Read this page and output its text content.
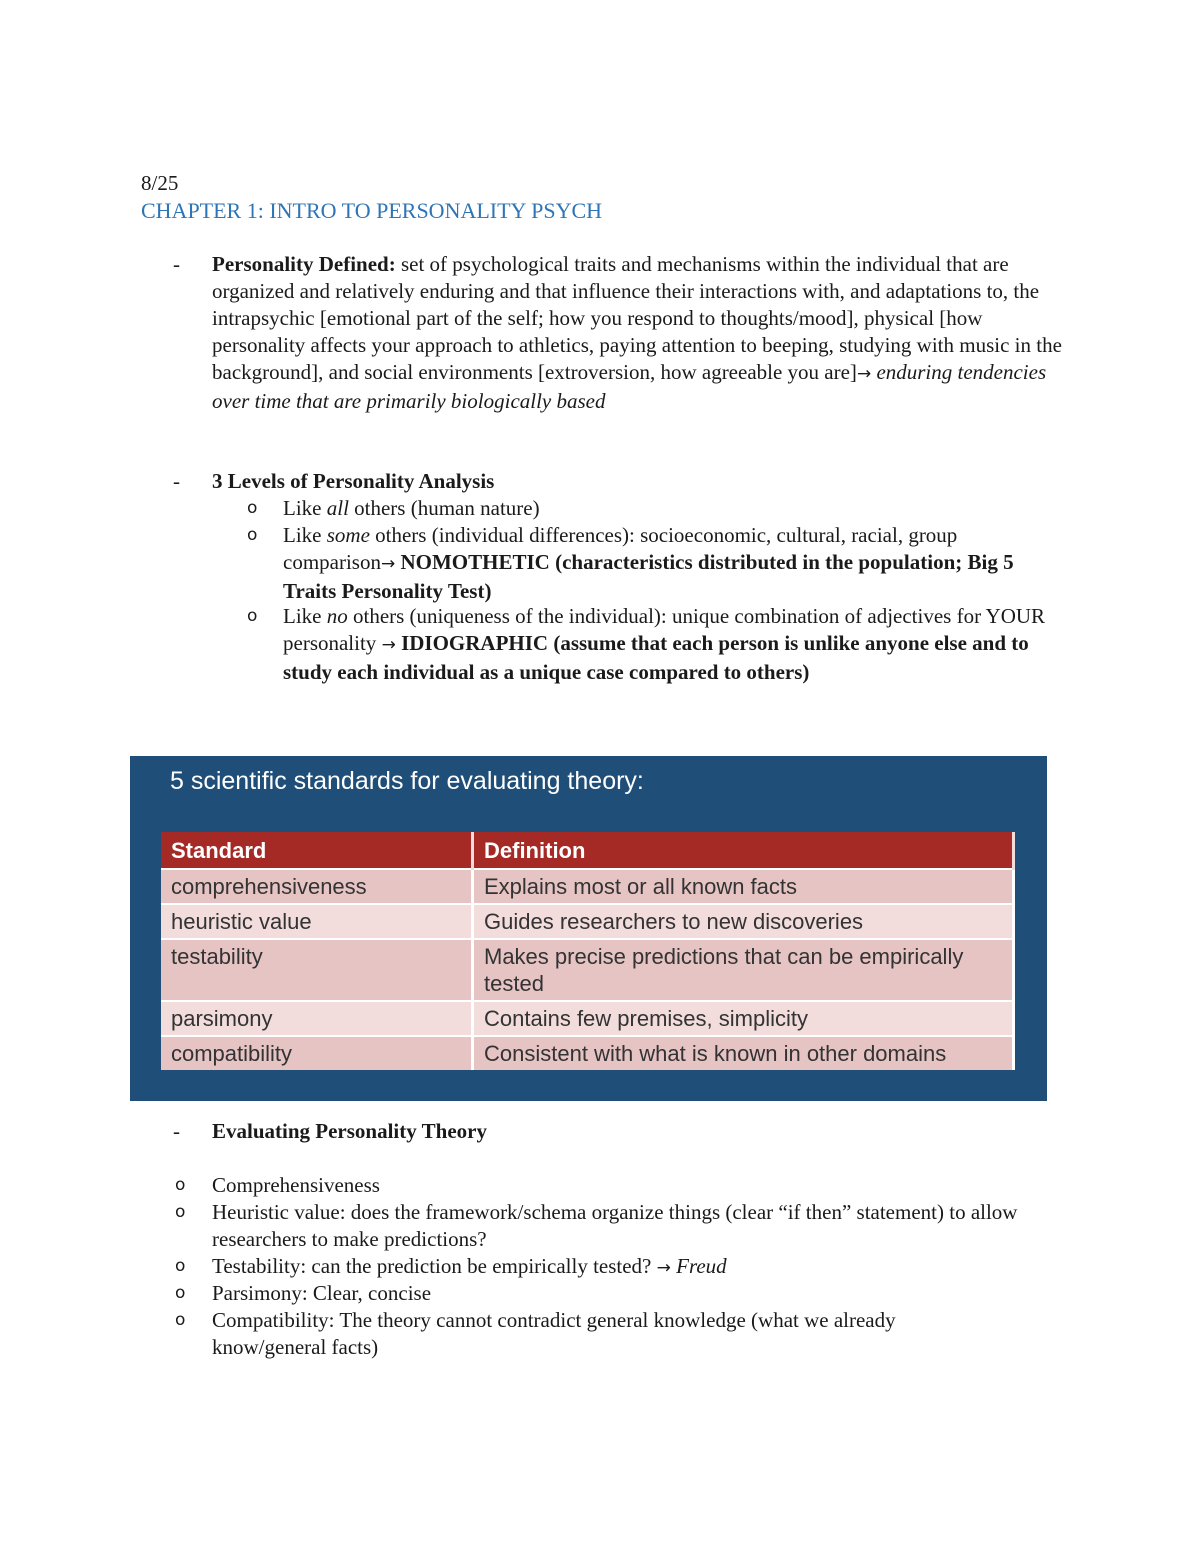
8/25
CHAPTER 1: INTRO TO PERSONALITY PSYCH
- Personality Defined: set of psychological traits and mechanisms within the individual that are organized and relatively enduring and that influence their interactions with, and adaptations to, the intrapsychic [emotional part of the self; how you respond to thoughts/mood], physical [how personality affects your approach to athletics, paying attention to beeping, studying with music in the background], and social environments [extroversion, how agreeable you are]→ enduring tendencies over time that are primarily biologically based
- 3 Levels of Personality Analysis
o Like all others (human nature)
o Like some others (individual differences): socioeconomic, cultural, racial, group comparison→ NOMOTHETIC (characteristics distributed in the population; Big 5 Traits Personality Test)
o Like no others (uniqueness of the individual): unique combination of adjectives for YOUR personality → IDIOGRAPHIC (assume that each person is unlike anyone else and to study each individual as a unique case compared to others)
5 scientific standards for evaluating theory:
Standard	Definition
comprehensiveness	Explains most or all known facts
heuristic value	Guides researchers to new discoveries
testability	Makes precise predictions that can be empirically tested
parsimony	Contains few premises, simplicity
compatibility	Consistent with what is known in other domains
- Evaluating Personality Theory
o Comprehensiveness
o Heuristic value: does the framework/schema organize things (clear “if then” statement) to allow researchers to make predictions?
o Testability: can the prediction be empirically tested? → Freud
o Parsimony: Clear, concise
o Compatibility: The theory cannot contradict general knowledge (what we already know/general facts)
